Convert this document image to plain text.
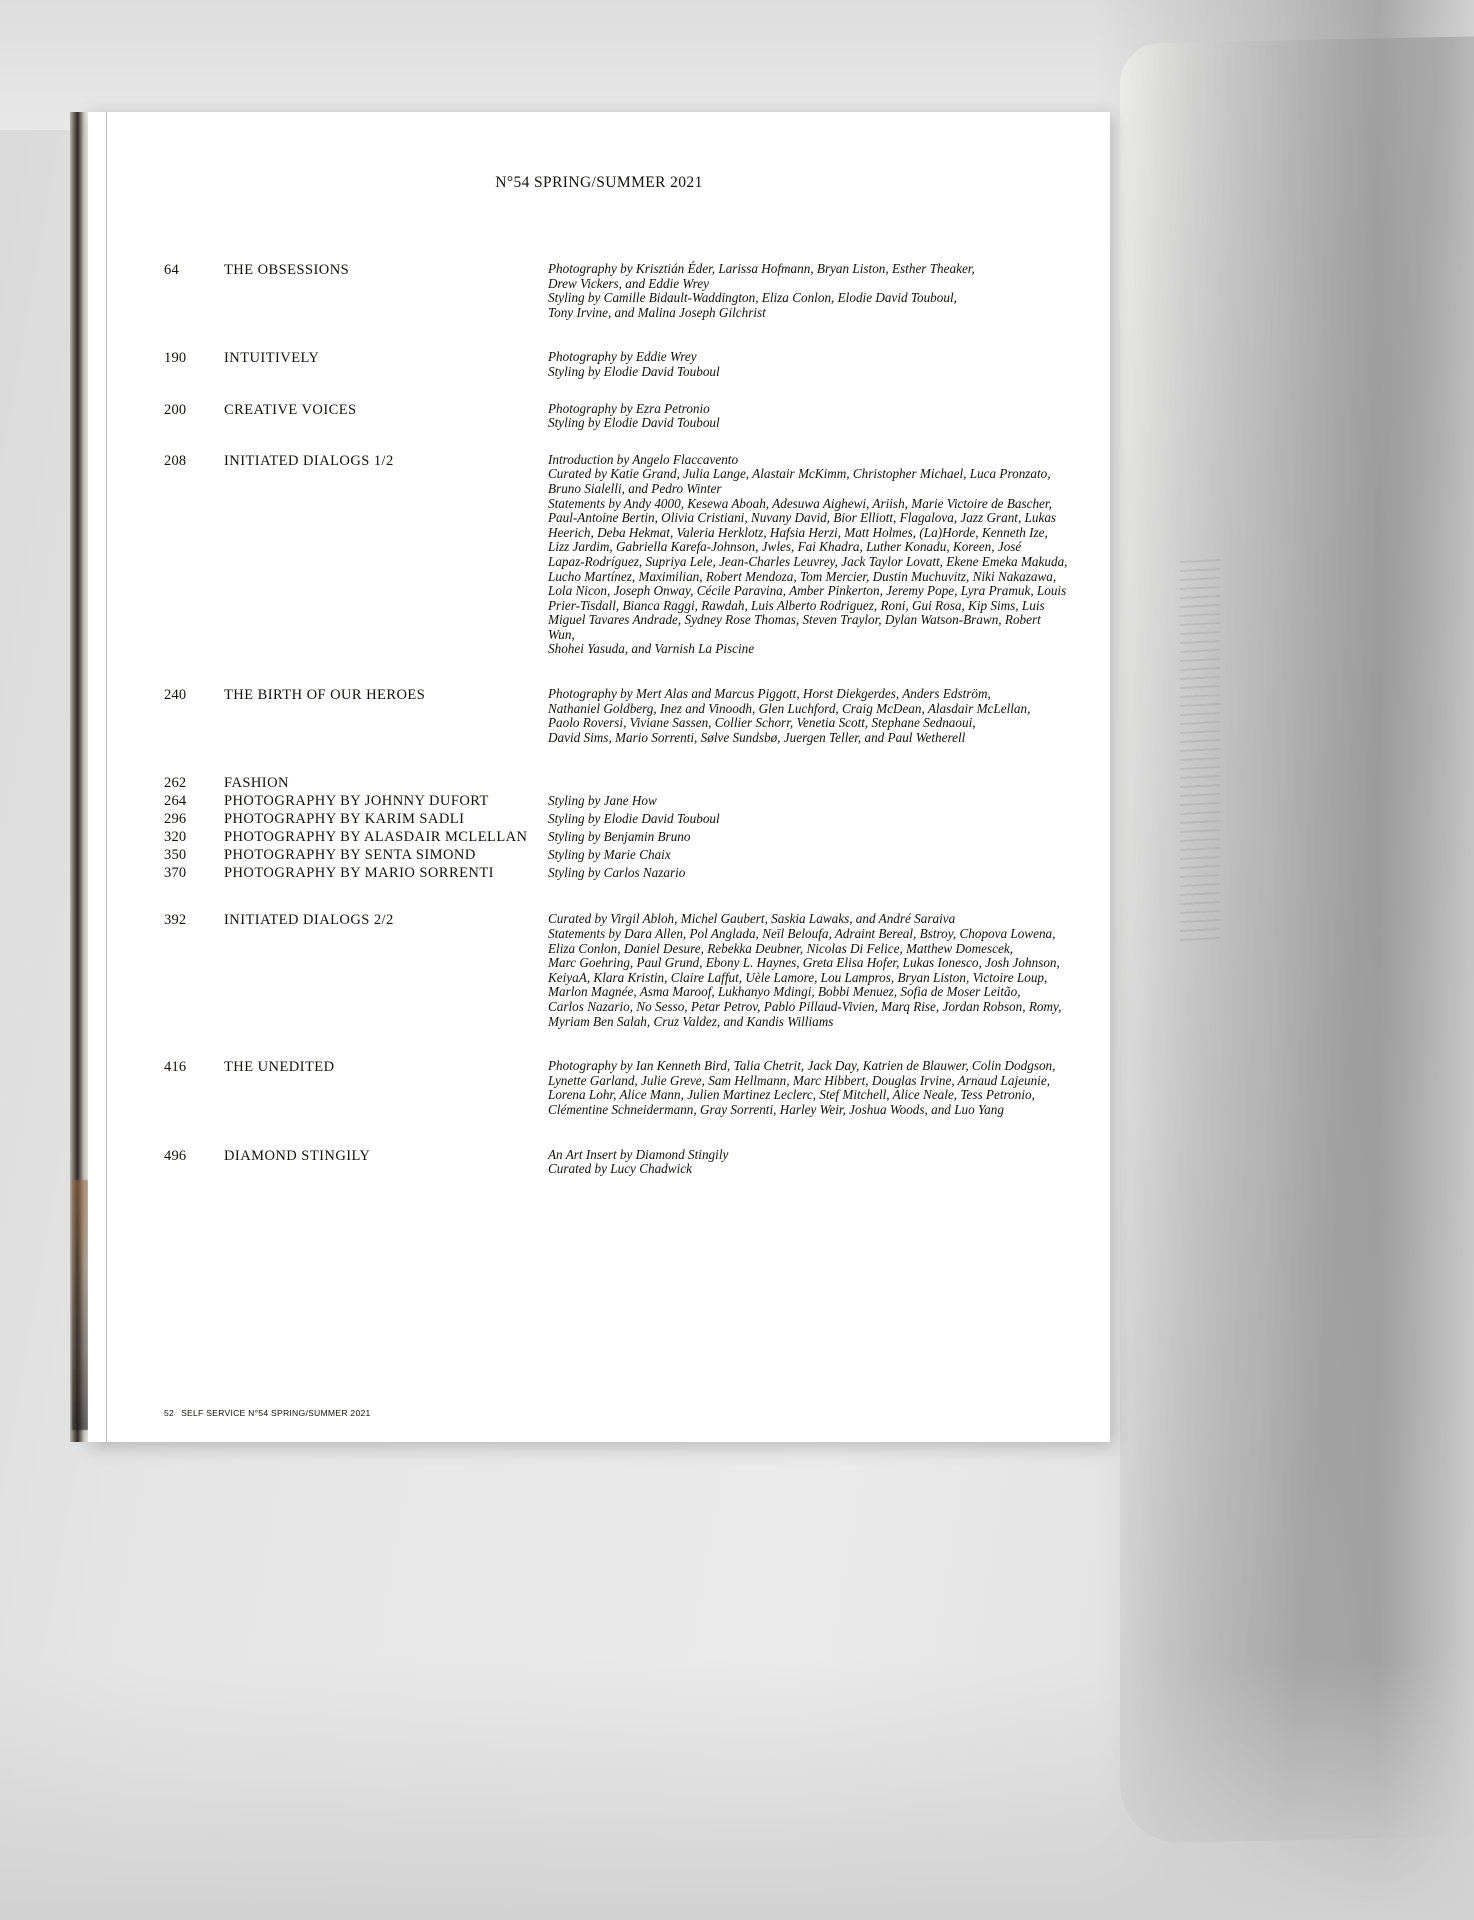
N°54 SPRING/SUMMER 2021
64	THE OBSESSIONS	Photography by Krisztián Éder, Larissa Hofmann, Bryan Liston, Esther Theaker,
Drew Vickers, and Eddie Wrey
Styling by Camille Bidault-Waddington, Eliza Conlon, Elodie David Touboul,
Tony Irvine, and Malina Joseph Gilchrist
190	INTUITIVELY	Photography by Eddie Wrey
Styling by Elodie David Touboul
200	CREATIVE VOICES	Photography by Ezra Petronio
Styling by Elodie David Touboul
208	INITIATED DIALOGS 1/2	Introduction by Angelo Flaccavento
Curated by Katie Grand, Julia Lange, Alastair McKimm, Christopher Michael, Luca Pronzato,
Bruno Sialelli, and Pedro Winter
Statements by Andy 4000, Kesewa Aboah, Adesuwa Aighewi, Ariish, Marie Victoire de Bascher,
Paul-Antoine Bertin, Olivia Cristiani, Nuvany David, Bior Elliott, Flagalova, Jazz Grant, Lukas
Heerich, Deba Hekmat, Valeria Herklotz, Hafsia Herzi, Matt Holmes, (La)Horde, Kenneth Ize,
Lizz Jardim, Gabriella Karefa-Johnson, Jwles, Fai Khadra, Luther Konadu, Koreen, José
Lapaz-Rodríguez, Supriya Lele, Jean-Charles Leuvrey, Jack Taylor Lovatt, Ekene Emeka Makuda,
Lucho Martínez, Maximilian, Robert Mendoza, Tom Mercier, Dustin Muchuvitz, Niki Nakazawa,
Lola Nicon, Joseph Onway, Cécile Paravina, Amber Pinkerton, Jeremy Pope, Lyra Pramuk, Louis
Prier-Tisdall, Bianca Raggi, Rawdah, Luis Alberto Rodriguez, Roni, Gui Rosa, Kip Sims, Luis
Miguel Tavares Andrade, Sydney Rose Thomas, Steven Traylor, Dylan Watson-Brawn, Robert Wun,
Shohei Yasuda, and Varnish La Piscine
240	THE BIRTH OF OUR HEROES	Photography by Mert Alas and Marcus Piggott, Horst Diekgerdes, Anders Edström,
Nathaniel Goldberg, Inez and Vinoodh, Glen Luchford, Craig McDean, Alasdair McLellan,
Paolo Roversi, Viviane Sassen, Collier Schorr, Venetia Scott, Stephane Sednaoui,
David Sims, Mario Sorrenti, Sølve Sundsbø, Juergen Teller, and Paul Wetherell
262	FASHION
264	PHOTOGRAPHY BY JOHNNY DUFORT	Styling by Jane How
296	PHOTOGRAPHY BY KARIM SADLI	Styling by Elodie David Touboul
320	PHOTOGRAPHY BY ALASDAIR MCLELLAN	Styling by Benjamin Bruno
350	PHOTOGRAPHY BY SENTA SIMOND	Styling by Marie Chaix
370	PHOTOGRAPHY BY MARIO SORRENTI	Styling by Carlos Nazario
392	INITIATED DIALOGS 2/2	Curated by Virgil Abloh, Michel Gaubert, Saskia Lawaks, and André Saraiva
Statements by Dara Allen, Pol Anglada, Neïl Beloufa, Adraint Bereal, Bstroy, Chopova Lowena,
Eliza Conlon, Daniel Desure, Rebekka Deubner, Nicolas Di Felice, Matthew Domescek,
Marc Goehring, Paul Grund, Ebony L. Haynes, Greta Elisa Hofer, Lukas Ionesco, Josh Johnson,
KeiyaA, Klara Kristin, Claire Laffut, Uèle Lamore, Lou Lampros, Bryan Liston, Victoire Loup,
Marlon Magnée, Asma Maroof, Lukhanyo Mdingi, Bobbi Menuez, Sofia de Moser Leitão,
Carlos Nazario, No Sesso, Petar Petrov, Pablo Pillaud-Vivien, Marq Rise, Jordan Robson, Romy,
Myriam Ben Salah, Cruz Valdez, and Kandis Williams
416	THE UNEDITED	Photography by Ian Kenneth Bird, Talia Chetrit, Jack Day, Katrien de Blauwer, Colin Dodgson,
Lynette Garland, Julie Greve, Sam Hellmann, Marc Hibbert, Douglas Irvine, Arnaud Lajeunie,
Lorena Lohr, Alice Mann, Julien Martinez Leclerc, Stef Mitchell, Alice Neale, Tess Petronio,
Clémentine Schneidermann, Gray Sorrenti, Harley Weir, Joshua Woods, and Luo Yang
496	DIAMOND STINGILY	An Art Insert by Diamond Stingily
Curated by Lucy Chadwick
52 SELF SERVICE N°54 SPRING/SUMMER 2021
